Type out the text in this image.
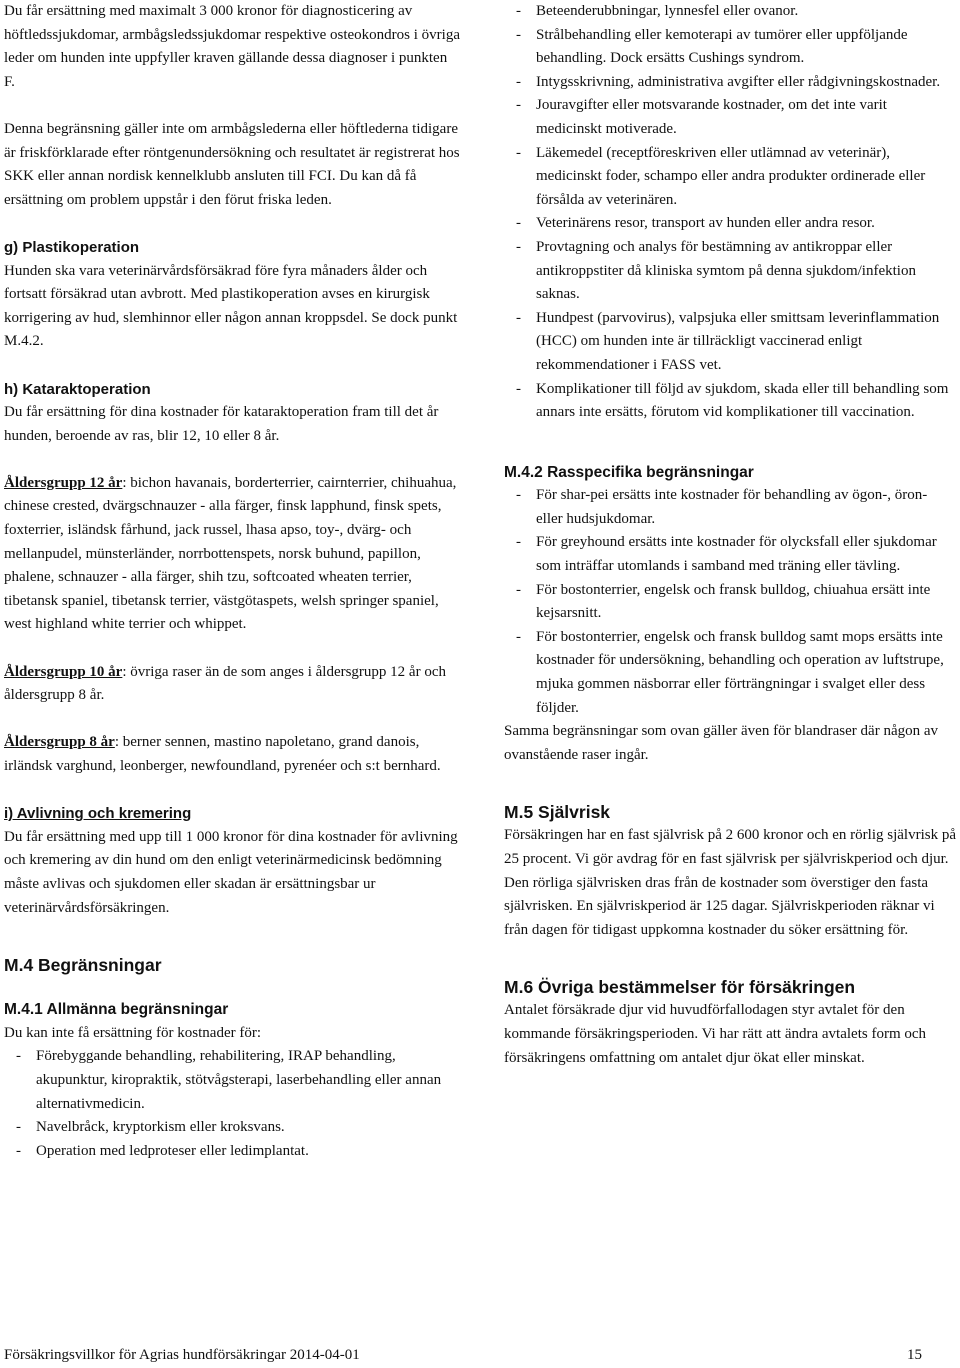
Du får ersättning med maximalt 3 000 kronor för diagnosticering av höftledssjukdomar, armbågsledssjukdomar respektive osteokondros i övriga leder om hunden inte uppfyller kraven gällande dessa diagnoser i punkten F.

Denna begränsning gäller inte om armbågslederna eller höftlederna tidigare är friskförklarade efter röntgenundersökning och resultatet är registrerat hos SKK eller annan nordisk kennelklubb ansluten till FCI. Du kan då få ersättning om problem uppstår i den förut friska leden.

g) Plastikoperation

Hunden ska vara veterinärvårdsförsäkrad före fyra månaders ålder och fortsatt försäkrad utan avbrott. Med plastikoperation avses en kirurgisk korrigering av hud, slemhinnor eller någon annan kroppsdel. Se dock punkt M.4.2.

h) Kataraktoperation

Du får ersättning för dina kostnader för kataraktoperation fram till det år hunden, beroende av ras, blir 12, 10 eller 8 år.

Åldersgrupp 12 år: bichon havanais, borderterrier, cairnterrier, chihuahua, chinese crested, dvärgschnauzer - alla färger, finsk lapphund, finsk spets, foxterrier, isländsk fårhund, jack russel, lhasa apso, toy-, dvärg- och mellanpudel, münsterländer, norrbottenspets, norsk buhund, papillon, phalene, schnauzer - alla färger, shih tzu, softcoated wheaten terrier, tibetansk spaniel, tibetansk terrier, västgötaspets, welsh springer spaniel, west highland white terrier och whippet.

Åldersgrupp 10 år: övriga raser än de som anges i åldersgrupp 12 år och åldersgrupp 8 år.

Åldersgrupp 8 år: berner sennen, mastino napoletano, grand danois, irländsk varghund, leonberger, newfoundland, pyrenéer och s:t bernhard.

i) Avlivning och kremering

Du får ersättning med upp till 1 000 kronor för dina kostnader för avlivning och kremering av din hund om den enligt veterinärmedicinsk bedömning måste avlivas och sjukdomen eller skadan är ersättningsbar ur veterinärvårdsförsäkringen.

M.4 Begränsningar

M.4.1 Allmänna begränsningar

Du kan inte få ersättning för kostnader för:

- Förebyggande behandling, rehabilitering, IRAP behandling, akupunktur, kiropraktik, stötvågsterapi, laserbehandling eller annan alternativmedicin.
- Navelbråck, kryptorkism eller kroksvans.
- Operation med ledproteser eller ledimplantat.
- Beteenderubbningar, lynnesfel eller ovanor.
- Strålbehandling eller kemoterapi av tumörer eller uppföljande behandling. Dock ersätts Cushings syndrom.
- Intygsskrivning, administrativa avgifter eller rådgivningskostnader.
- Jouravgifter eller motsvarande kostnader, om det inte varit medicinskt motiverade.
- Läkemedel (receptföreskriven eller utlämnad av veterinär), medicinskt foder, schampo eller andra produkter ordinerade eller försålda av veterinären.
- Veterinärens resor, transport av hunden eller andra resor.
- Provtagning och analys för bestämning av antikroppar eller antikroppstiter då kliniska symtom på denna sjukdom/infektion saknas.
- Hundpest (parvovirus), valpsjuka eller smittsam leverinflammation (HCC) om hunden inte är tillräckligt vaccinerad enligt rekommendationer i FASS vet.
- Komplikationer till följd av sjukdom, skada eller till behandling som annars inte ersätts, förutom vid komplikationer till vaccination.

M.4.2 Rasspecifika begränsningar

- För shar-pei ersätts inte kostnader för behandling av ögon-, öron- eller hudsjukdomar.
- För greyhound ersätts inte kostnader för olycksfall eller sjukdomar som inträffar utomlands i samband med träning eller tävling.
- För bostonterrier, engelsk och fransk bulldog, chiuahua ersätt inte kejsarsnitt.
- För bostonterrier, engelsk och fransk bulldog samt mops ersätts inte kostnader för undersökning, behandling och operation av luftstrupe, mjuka gommen näsborrar eller förträngningar i svalget eller dess följder.

Samma begränsningar som ovan gäller även för blandraser där någon av ovanstående raser ingår.

M.5 Självrisk

Försäkringen har en fast självrisk på 2 600 kronor och en rörlig självrisk på 25 procent. Vi gör avdrag för en fast självrisk per självriskperiod och djur. Den rörliga självrisken dras från de kostnader som överstiger den fasta självrisken. En självriskperiod är 125 dagar. Självriskperioden räknar vi från dagen för tidigast uppkomna kostnader du söker ersättning för.

M.6 Övriga bestämmelser för försäkringen

Antalet försäkrade djur vid huvudförfallodagen styr avtalet för den kommande försäkringsperioden. Vi har rätt att ändra avtalets form och försäkringens omfattning om antalet djur ökat eller minskat.

Försäkringsvillkor för Agrias hundförsäkringar 2014-04-01	15
